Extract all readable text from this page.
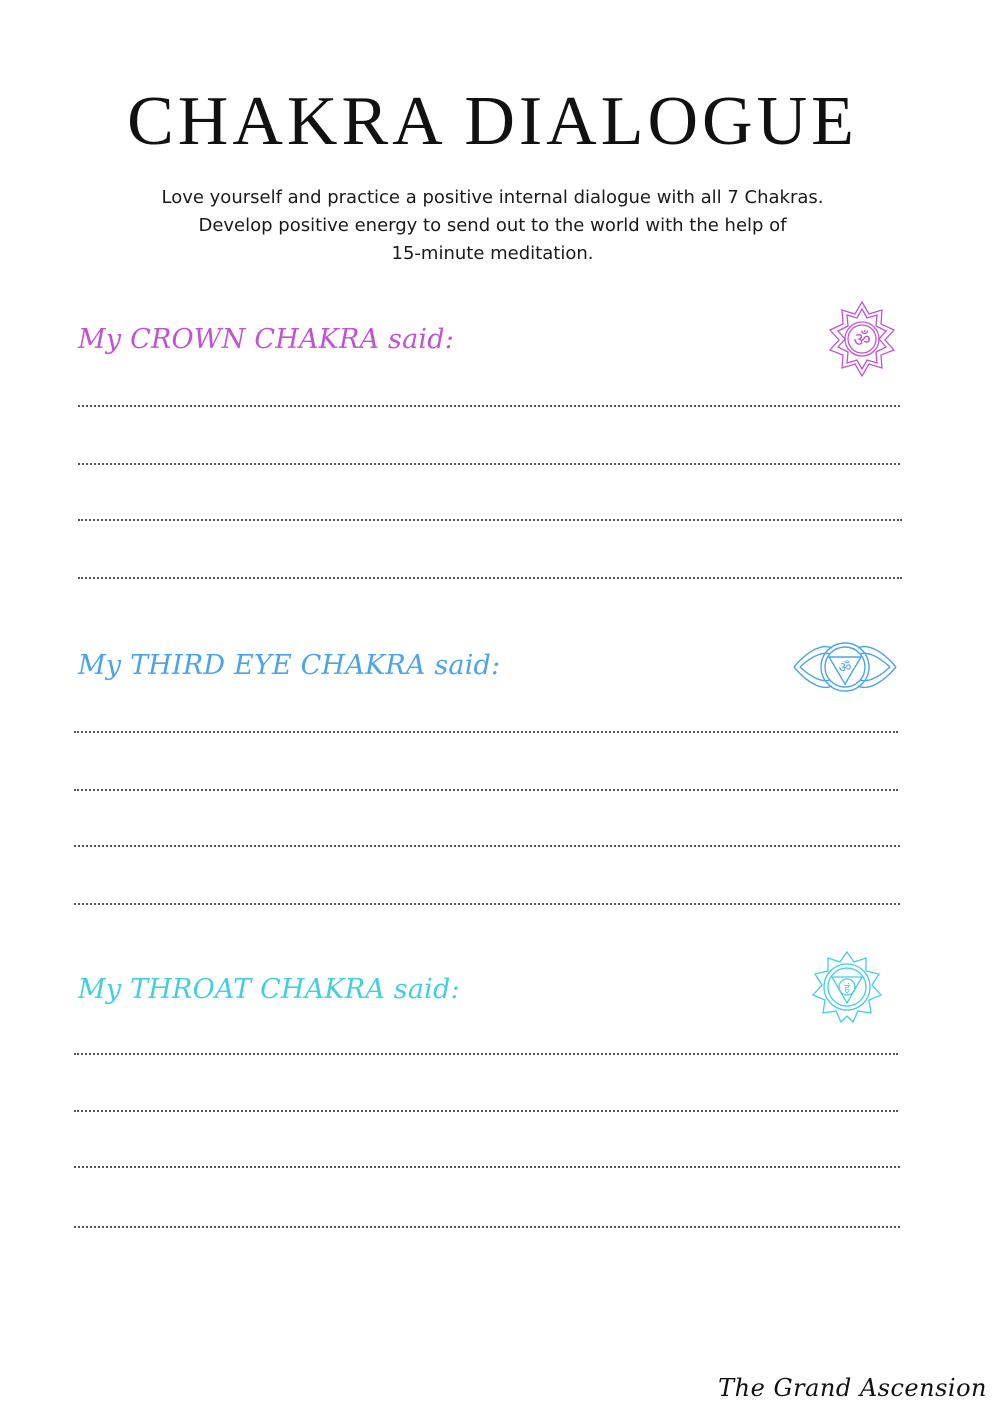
CHAKRA DIALOGUE
Love yourself and practice a positive internal dialogue with all 7 Chakras.
Develop positive energy to send out to the world with the help of
15-minute meditation.
My CROWN CHAKRA said:	ॐ
My THIRD EYE CHAKRA said:	ॐ
My THROAT CHAKRA said:	हं
The Grand Ascension
